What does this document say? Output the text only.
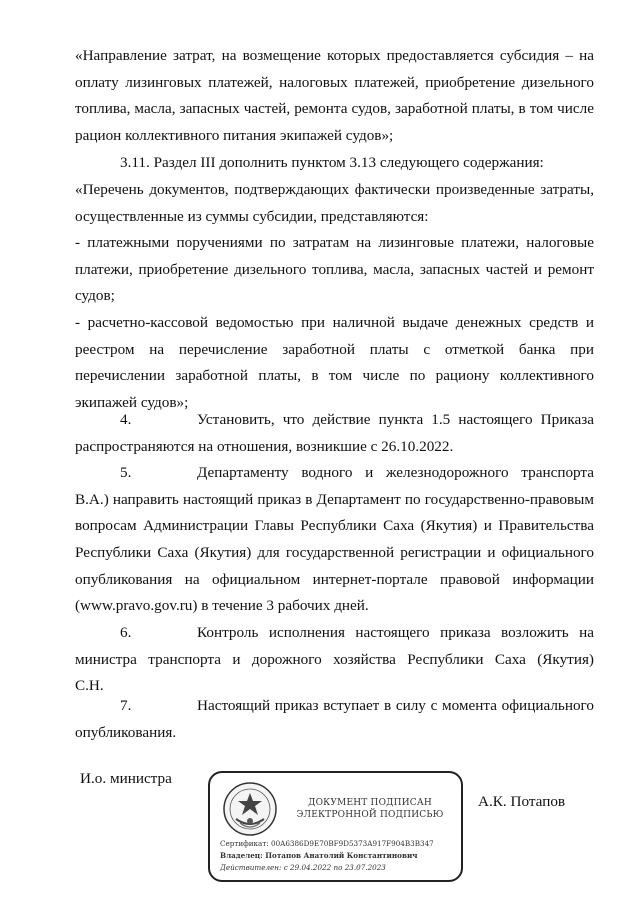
«Направление затрат, на возмещение которых предоставляется субсидия – на
оплату лизинговых платежей, налоговых платежей, приобретение дизельного
топлива, масла, запасных частей, ремонта судов, заработной платы, в том числе
рацион коллективного питания экипажей судов»;
3.11. Раздел III дополнить пунктом 3.13 следующего содержания:
«Перечень документов, подтверждающих фактически произведенные затраты,
осуществленные из суммы субсидии, представляются:
- платежными поручениями по затратам на лизинговые платежи, налоговые
платежи, приобретение дизельного топлива, масла, запасных частей и ремонт
судов;
- расчетно-кассовой ведомостью при наличной выдаче денежных средств и
реестром на перечисление заработной платы с отметкой банка при
перечислении заработной платы, в том числе по рациону коллективного
экипажей судов»;
4.	Установить, что действие пункта 1.5 настоящего Приказа
распространяются на отношения, возникшие с 26.10.2022.
5.	Департаменту водного и железнодорожного транспорта
В.А.) направить настоящий приказ в Департамент по государственно-правовым
вопросам Администрации Главы Республики Саха (Якутия) и Правительства
Республики Саха (Якутия) для государственной регистрации и официального
опубликования на официальном интернет-портале правовой информации
(www.pravo.gov.ru) в течение 3 рабочих дней.
6.	Контроль исполнения настоящего приказа возложить на
министра транспорта и дорожного хозяйства Республики Саха (Якутия)
С.Н.
7.	Настоящий приказ вступает в силу с момента официального
опубликования.
И.о. министра
А.К. Потапов
ДОКУМЕНТ ПОДПИСАН
ЭЛЕКТРОННОЙ ПОДПИСЬЮ
Сертификат: 00A6386D9E70BF9D5373A917F904B3B347
Владелец: Потапов Анатолий Константинович
Действителен: с 29.04.2022 по 23.07.2023
